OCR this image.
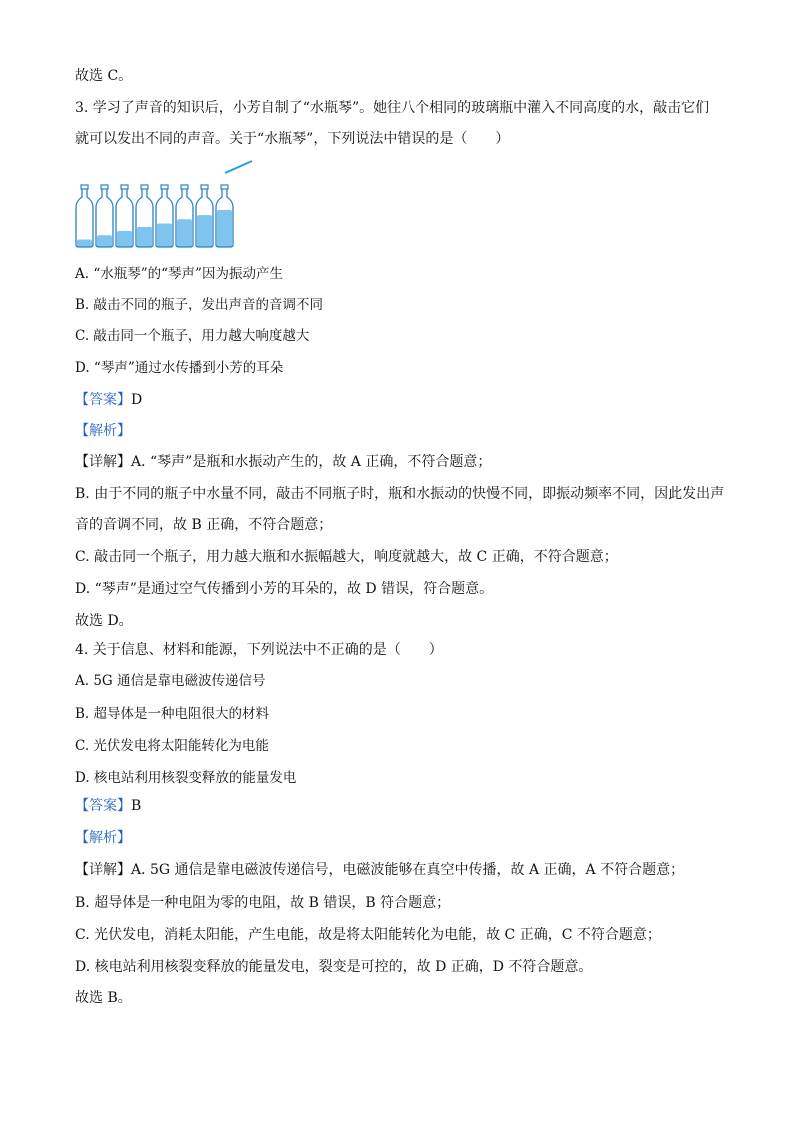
故选 C。
3. 学习了声音的知识后，小芳自制了“水瓶琴”。她往八个相同的玻璃瓶中灌入不同高度的水，敲击它们
就可以发出不同的声音。关于“水瓶琴”，下列说法中错误的是（　　）
A. “水瓶琴”的“琴声”因为振动产生
B. 敲击不同的瓶子，发出声音的音调不同
C. 敲击同一个瓶子，用力越大响度越大
D. “琴声”通过水传播到小芳的耳朵
【答案】D
【解析】
【详解】A. “琴声”是瓶和水振动产生的，故 A 正确，不符合题意；
B. 由于不同的瓶子中水量不同，敲击不同瓶子时，瓶和水振动的快慢不同，即振动频率不同，因此发出声
音的音调不同，故 B 正确，不符合题意；
C. 敲击同一个瓶子，用力越大瓶和水振幅越大，响度就越大，故 C 正确，不符合题意；
D. “琴声”是通过空气传播到小芳的耳朵的，故 D 错误，符合题意。
故选 D。
4. 关于信息、材料和能源，下列说法中不正确的是（　　）
A. 5G 通信是靠电磁波传递信号
B. 超导体是一种电阻很大的材料
C. 光伏发电将太阳能转化为电能
D. 核电站利用核裂变释放的能量发电
【答案】B
【解析】
【详解】A. 5G 通信是靠电磁波传递信号，电磁波能够在真空中传播，故 A 正确，A 不符合题意；
B. 超导体是一种电阻为零的电阻，故 B 错误，B 符合题意；
C. 光伏发电，消耗太阳能，产生电能，故是将太阳能转化为电能，故 C 正确，C 不符合题意；
D. 核电站利用核裂变释放的能量发电，裂变是可控的，故 D 正确，D 不符合题意。
故选 B。
